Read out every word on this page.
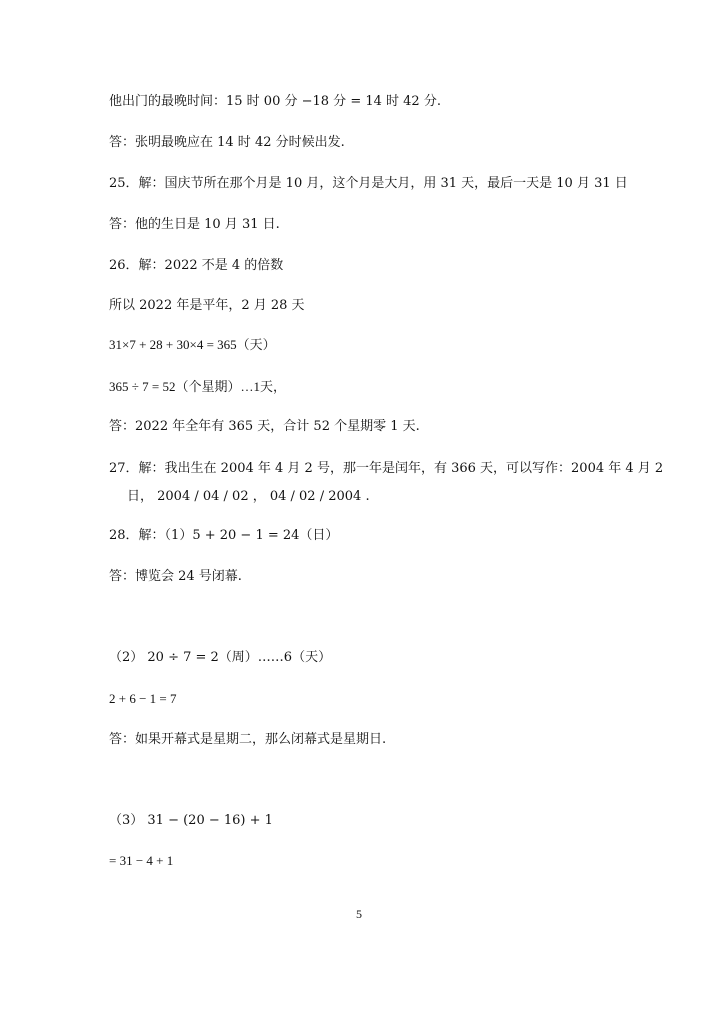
他出门的最晚时间：15 时 00 分 −18 分 = 14 时 42 分.
答：张明最晚应在 14 时 42 分时候出发.
25．解：国庆节所在那个月是 10 月，这个月是大月，用 31 天，最后一天是 10 月 31 日
答：他的生日是 10 月 31 日.
26．解：2022 不是 4 的倍数
所以 2022 年是平年，2 月 28 天
31×7 + 28 + 30×4 = 365（天）
365 ÷ 7 = 52（个星期）…1天，
答：2022 年全年有 365 天，合计 52 个星期零 1 天.
27．解：我出生在 2004 年 4 月 2 号，那一年是闰年，有 366 天，可以写作：2004 年 4 月 2
日， 2004 / 04 / 02 ， 04 / 02 / 2004 .
28．解：（1）5 + 20 − 1 = 24（日）
答：博览会 24 号闭幕.
（2） 20 ÷ 7 = 2（周）……6（天）
2 + 6 − 1 = 7
答：如果开幕式是星期二，那么闭幕式是星期日.
（3） 31 − (20 − 16) + 1
= 31 − 4 + 1
5
